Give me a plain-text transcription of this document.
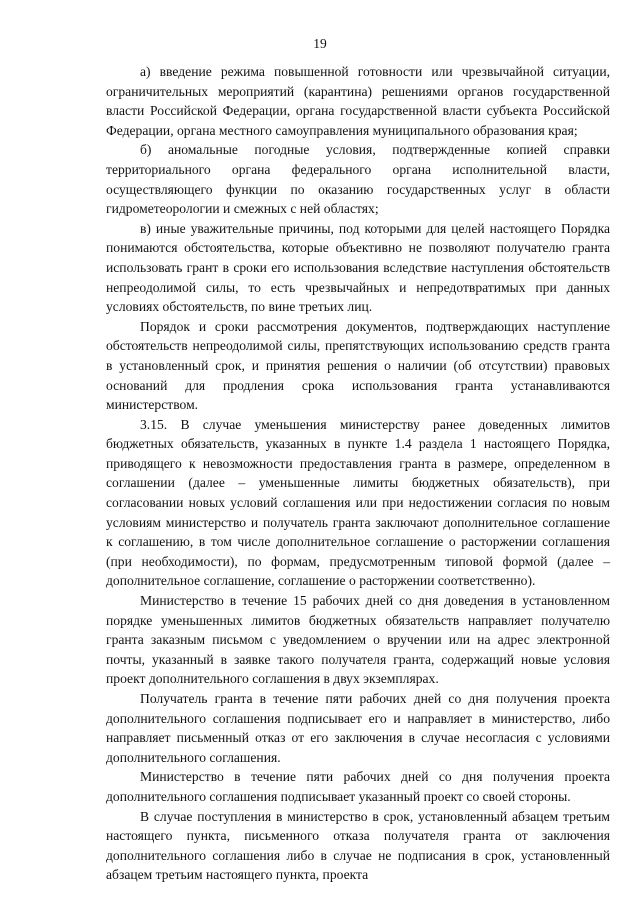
19

а) введение режима повышенной готовности или чрезвычайной ситуации, ограничительных мероприятий (карантина) решениями органов государственной власти Российской Федерации, органа государственной власти субъекта Российской Федерации, органа местного самоуправления муниципального образования края;

б) аномальные погодные условия, подтвержденные копией справки территориального органа федерального органа исполнительной власти, осуществляющего функции по оказанию государственных услуг в области гидрометеорологии и смежных с ней областях;

в) иные уважительные причины, под которыми для целей настоящего Порядка понимаются обстоятельства, которые объективно не позволяют получателю гранта использовать грант в сроки его использования вследствие наступления обстоятельств непреодолимой силы, то есть чрезвычайных и непредотвратимых при данных условиях обстоятельств, по вине третьих лиц.

Порядок и сроки рассмотрения документов, подтверждающих наступление обстоятельств непреодолимой силы, препятствующих использованию средств гранта в установленный срок, и принятия решения о наличии (об отсутствии) правовых оснований для продления срока использования гранта устанавливаются министерством.

3.15. В случае уменьшения министерству ранее доведенных лимитов бюджетных обязательств, указанных в пункте 1.4 раздела 1 настоящего Порядка, приводящего к невозможности предоставления гранта в размере, определенном в соглашении (далее – уменьшенные лимиты бюджетных обязательств), при согласовании новых условий соглашения или при недостижении согласия по новым условиям министерство и получатель гранта заключают дополнительное соглашение к соглашению, в том числе дополнительное соглашение о расторжении соглашения (при необходимости), по формам, предусмотренным типовой формой (далее – дополнительное соглашение, соглашение о расторжении соответственно).

Министерство в течение 15 рабочих дней со дня доведения в установленном порядке уменьшенных лимитов бюджетных обязательств направляет получателю гранта заказным письмом с уведомлением о вручении или на адрес электронной почты, указанный в заявке такого получателя гранта, содержащий новые условия проект дополнительного соглашения в двух экземплярах.

Получатель гранта в течение пяти рабочих дней со дня получения проекта дополнительного соглашения подписывает его и направляет в министерство, либо направляет письменный отказ от его заключения в случае несогласия с условиями дополнительного соглашения.

Министерство в течение пяти рабочих дней со дня получения проекта дополнительного соглашения подписывает указанный проект со своей стороны.

В случае поступления в министерство в срок, установленный абзацем третьим настоящего пункта, письменного отказа получателя гранта от заключения дополнительного соглашения либо в случае не подписания в срок, установленный абзацем третьим настоящего пункта, проекта
